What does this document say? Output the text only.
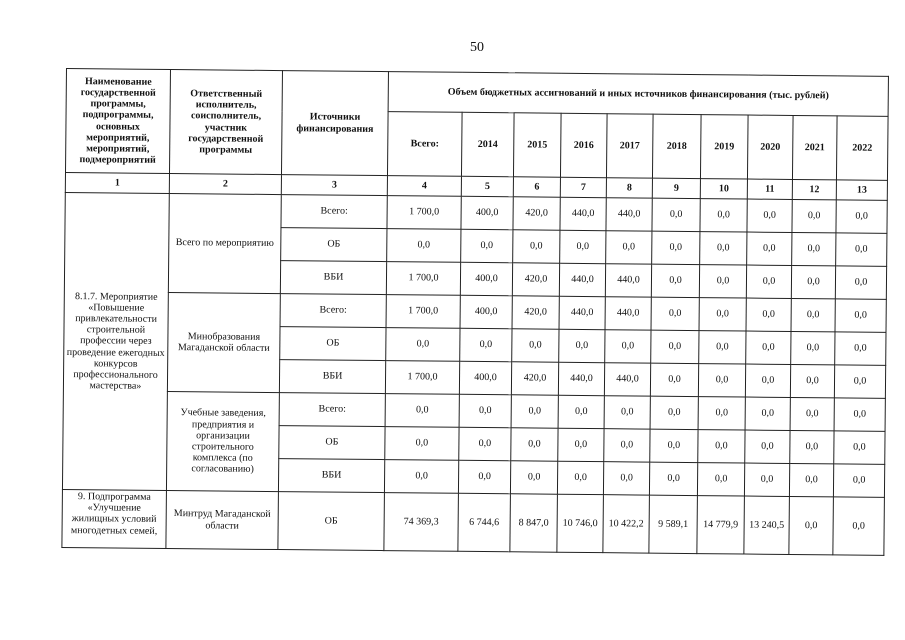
50
Наименование государственной программы, подпрограммы, основных мероприятий, мероприятий, подмероприятий	Ответственный исполнитель, соисполнитель, участник государственной программы	Источники финансирования	Объем бюджетных ассигнований и иных источников финансирования (тыс. рублей)									
			Всего:	2014	2015	2016	2017	2018	2019	2020	2021	2022
1	2	3	4	5	6	7	8	9	10	11	12	13
8.1.7. Мероприятие «Повышение привлекательности строительной профессии через проведение ежегодных конкурсов профессионального мастерства»	Всего по мероприятию	Всего:	1 700,0	400,0	420,0	440,0	440,0	0,0	0,0	0,0	0,0	0,0
		ОБ	0,0	0,0	0,0	0,0	0,0	0,0	0,0	0,0	0,0	0,0
		ВБИ	1 700,0	400,0	420,0	440,0	440,0	0,0	0,0	0,0	0,0	0,0
	Минобразования Магаданской области	Всего:	1 700,0	400,0	420,0	440,0	440,0	0,0	0,0	0,0	0,0	0,0
		ОБ	0,0	0,0	0,0	0,0	0,0	0,0	0,0	0,0	0,0	0,0
		ВБИ	1 700,0	400,0	420,0	440,0	440,0	0,0	0,0	0,0	0,0	0,0
	Учебные заведения, предприятия и организации строительного комплекса (по согласованию)	Всего:	0,0	0,0	0,0	0,0	0,0	0,0	0,0	0,0	0,0	0,0
		ОБ	0,0	0,0	0,0	0,0	0,0	0,0	0,0	0,0	0,0	0,0
		ВБИ	0,0	0,0	0,0	0,0	0,0	0,0	0,0	0,0	0,0	0,0
9. Подпрограмма «Улучшение жилищных условий многодетных семей,	Минтруд Магаданской области	ОБ	74 369,3	6 744,6	8 847,0	10 746,0	10 422,2	9 589,1	14 779,9	13 240,5	0,0	0,0
